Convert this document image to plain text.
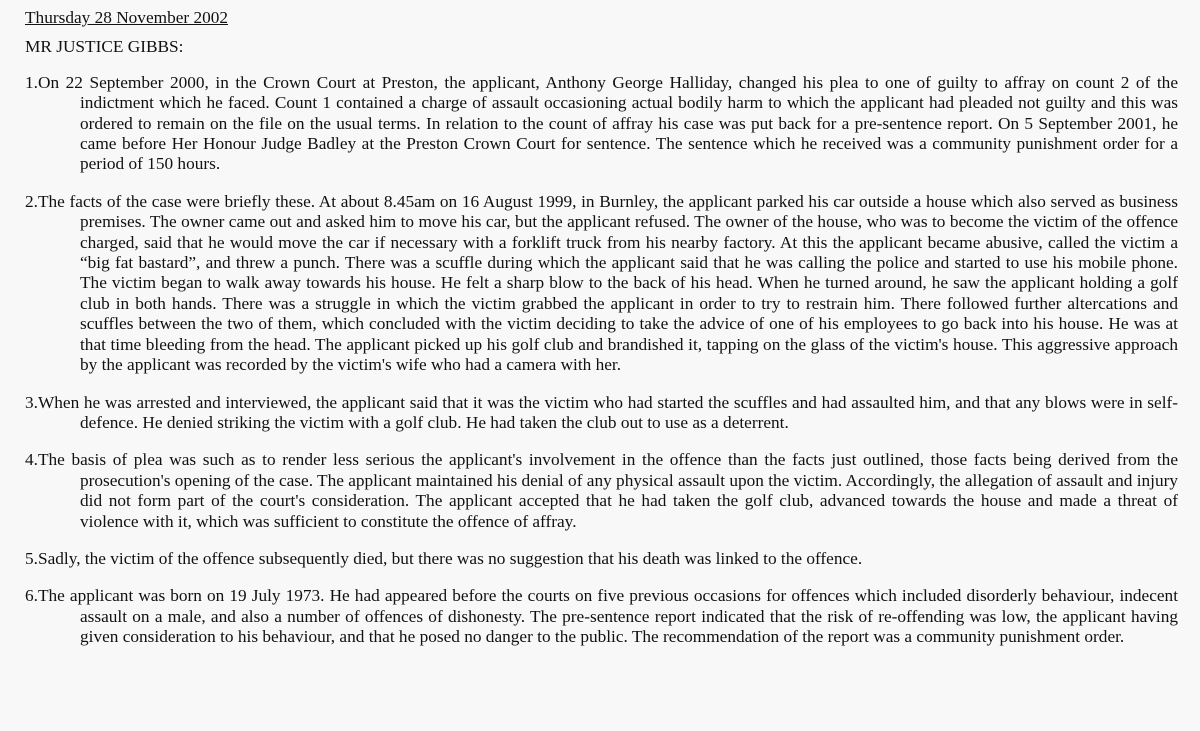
Thursday 28 November 2002
MR JUSTICE GIBBS:
1.On 22 September 2000, in the Crown Court at Preston, the applicant, Anthony George Halliday, changed his plea to one of guilty to affray on count 2 of the indictment which he faced. Count 1 contained a charge of assault occasioning actual bodily harm to which the applicant had pleaded not guilty and this was ordered to remain on the file on the usual terms. In relation to the count of affray his case was put back for a pre-sentence report. On 5 September 2001, he came before Her Honour Judge Badley at the Preston Crown Court for sentence. The sentence which he received was a community punishment order for a period of 150 hours.
2.The facts of the case were briefly these. At about 8.45am on 16 August 1999, in Burnley, the applicant parked his car outside a house which also served as business premises. The owner came out and asked him to move his car, but the applicant refused. The owner of the house, who was to become the victim of the offence charged, said that he would move the car if necessary with a forklift truck from his nearby factory. At this the applicant became abusive, called the victim a “big fat bastard”, and threw a punch. There was a scuffle during which the applicant said that he was calling the police and started to use his mobile phone. The victim began to walk away towards his house. He felt a sharp blow to the back of his head. When he turned around, he saw the applicant holding a golf club in both hands. There was a struggle in which the victim grabbed the applicant in order to try to restrain him. There followed further altercations and scuffles between the two of them, which concluded with the victim deciding to take the advice of one of his employees to go back into his house. He was at that time bleeding from the head. The applicant picked up his golf club and brandished it, tapping on the glass of the victim's house. This aggressive approach by the applicant was recorded by the victim's wife who had a camera with her.
3.When he was arrested and interviewed, the applicant said that it was the victim who had started the scuffles and had assaulted him, and that any blows were in self-defence. He denied striking the victim with a golf club. He had taken the club out to use as a deterrent.
4.The basis of plea was such as to render less serious the applicant's involvement in the offence than the facts just outlined, those facts being derived from the prosecution's opening of the case. The applicant maintained his denial of any physical assault upon the victim. Accordingly, the allegation of assault and injury did not form part of the court's consideration. The applicant accepted that he had taken the golf club, advanced towards the house and made a threat of violence with it, which was sufficient to constitute the offence of affray.
5.Sadly, the victim of the offence subsequently died, but there was no suggestion that his death was linked to the offence.
6.The applicant was born on 19 July 1973. He had appeared before the courts on five previous occasions for offences which included disorderly behaviour, indecent assault on a male, and also a number of offences of dishonesty. The pre-sentence report indicated that the risk of re-offending was low, the applicant having given consideration to his behaviour, and that he posed no danger to the public. The recommendation of the report was a community punishment order.
